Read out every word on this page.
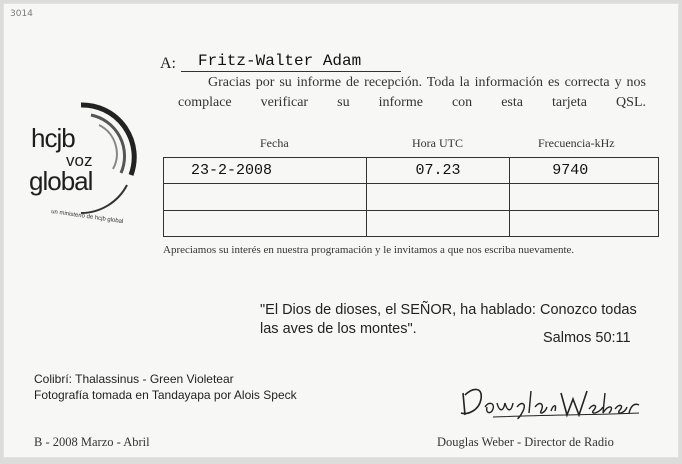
3014
un ministerio de hcjb global
hcjb
voz
global
A: Fritz-Walter Adam
Gracias por su informe de recepción. Toda la información es correcta y nos complace verificar su informe con esta tarjeta QSL.
Fecha	Hora UTC	Frecuencia-kHz
23-2-2008	07.23	9740

Apreciamos su interés en nuestra programación y le invitamos a que nos escriba nuevamente.
"El Dios de dioses, el SEÑOR, ha hablado: Conozco todas las aves de los montes".
Salmos 50:11
Colibrí: Thalassinus - Green Violetear
Fotografía tomada en Tandayapa por Alois Speck
B - 2008 Marzo - Abril	Douglas Weber - Director de Radio
